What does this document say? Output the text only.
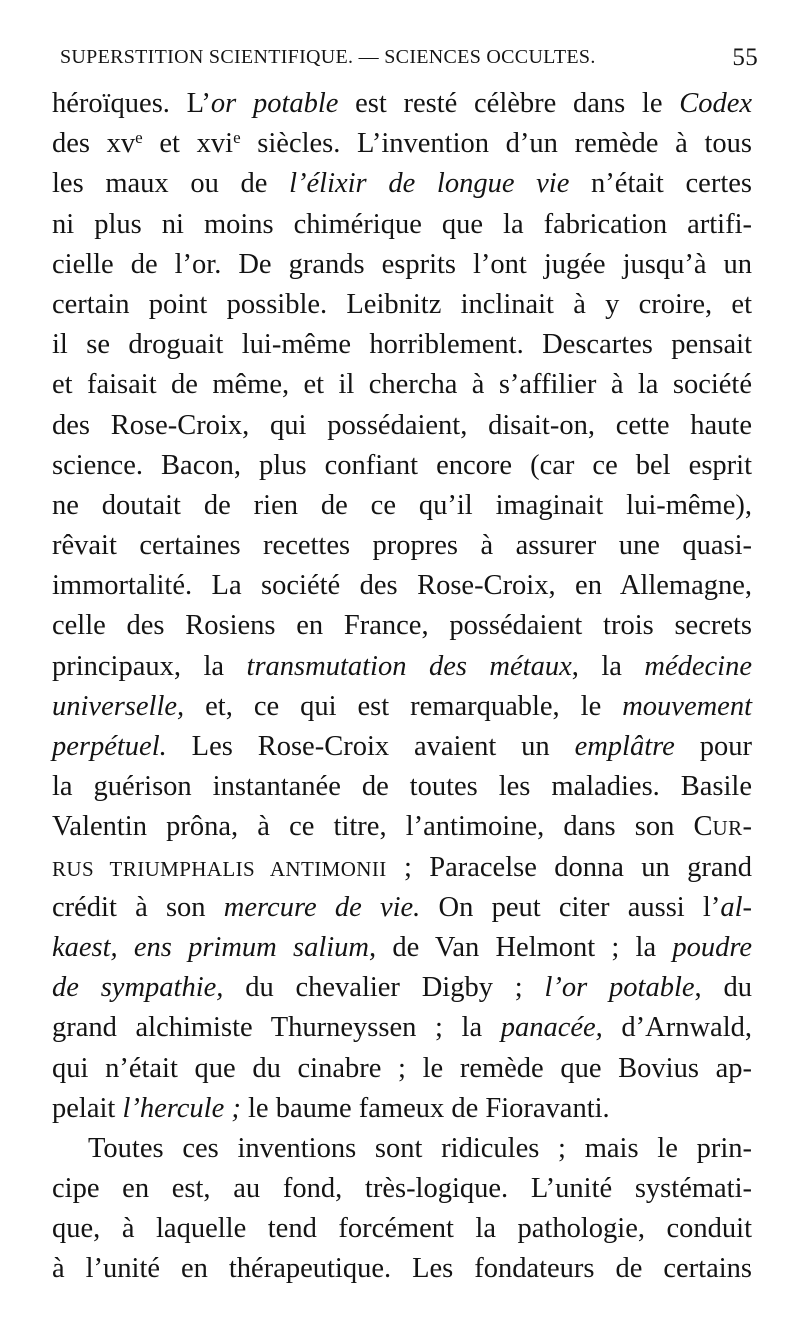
SUPERSTITION SCIENTIFIQUE. — SCIENCES OCCULTES.	55
héroïques. L’or potable est resté célèbre dans le Codex
des $xv^e$ et xvi$^e$ siècles. L’invention d’un remède à tous
les maux ou de l’élixir de longue vie n’était certes
ni plus ni moins chimérique que la fabrication artifi-
cielle de l’or. De grands esprits l’ont jugée jusqu’à un
certain point possible. Leibnitz inclinait à y croire, et
il se droguait lui-même horriblement. Descartes pensait
et faisait de même, et il chercha à s’affilier à la société
des Rose-Croix, qui possédaient, disait-on, cette haute
science. Bacon, plus confiant encore (car ce bel esprit
ne doutait de rien de ce qu’il imaginait lui-même),
rêvait certaines recettes propres à assurer une quasi-
immortalité. La société des Rose-Croix, en Allemagne,
celle des Rosiens en France, possédaient trois secrets
principaux, la transmutation des métaux, la médecine
universelle, et, ce qui est remarquable, le mouvement
perpétuel. Les Rose-Croix avaient un emplâtre pour
la guérison instantanée de toutes les maladies. Basile
Valentin prôna, à ce titre, l’antimoine, dans son CUR-
RUS TRIUMPHALIS ANTIMONII ; Paracelse donna un grand
crédit à son mercure de vie. On peut citer aussi l’al-
kaest, ens primum salium, de Van Helmont ; la poudre
de sympathie, du chevalier Digby ; l’or potable, du
grand alchimiste Thurneyssen ; la panacée, d’Arnwald,
qui n’était que du cinabre ; le remède que Bovius ap-
pelait l’hercule ; le baume fameux de Fioravanti.
Toutes ces inventions sont ridicules ; mais le prin-
cipe en est, au fond, très-logique. L’unité systémati-
que, à laquelle tend forcément la pathologie, conduit
à l’unité en thérapeutique. Les fondateurs de certains
